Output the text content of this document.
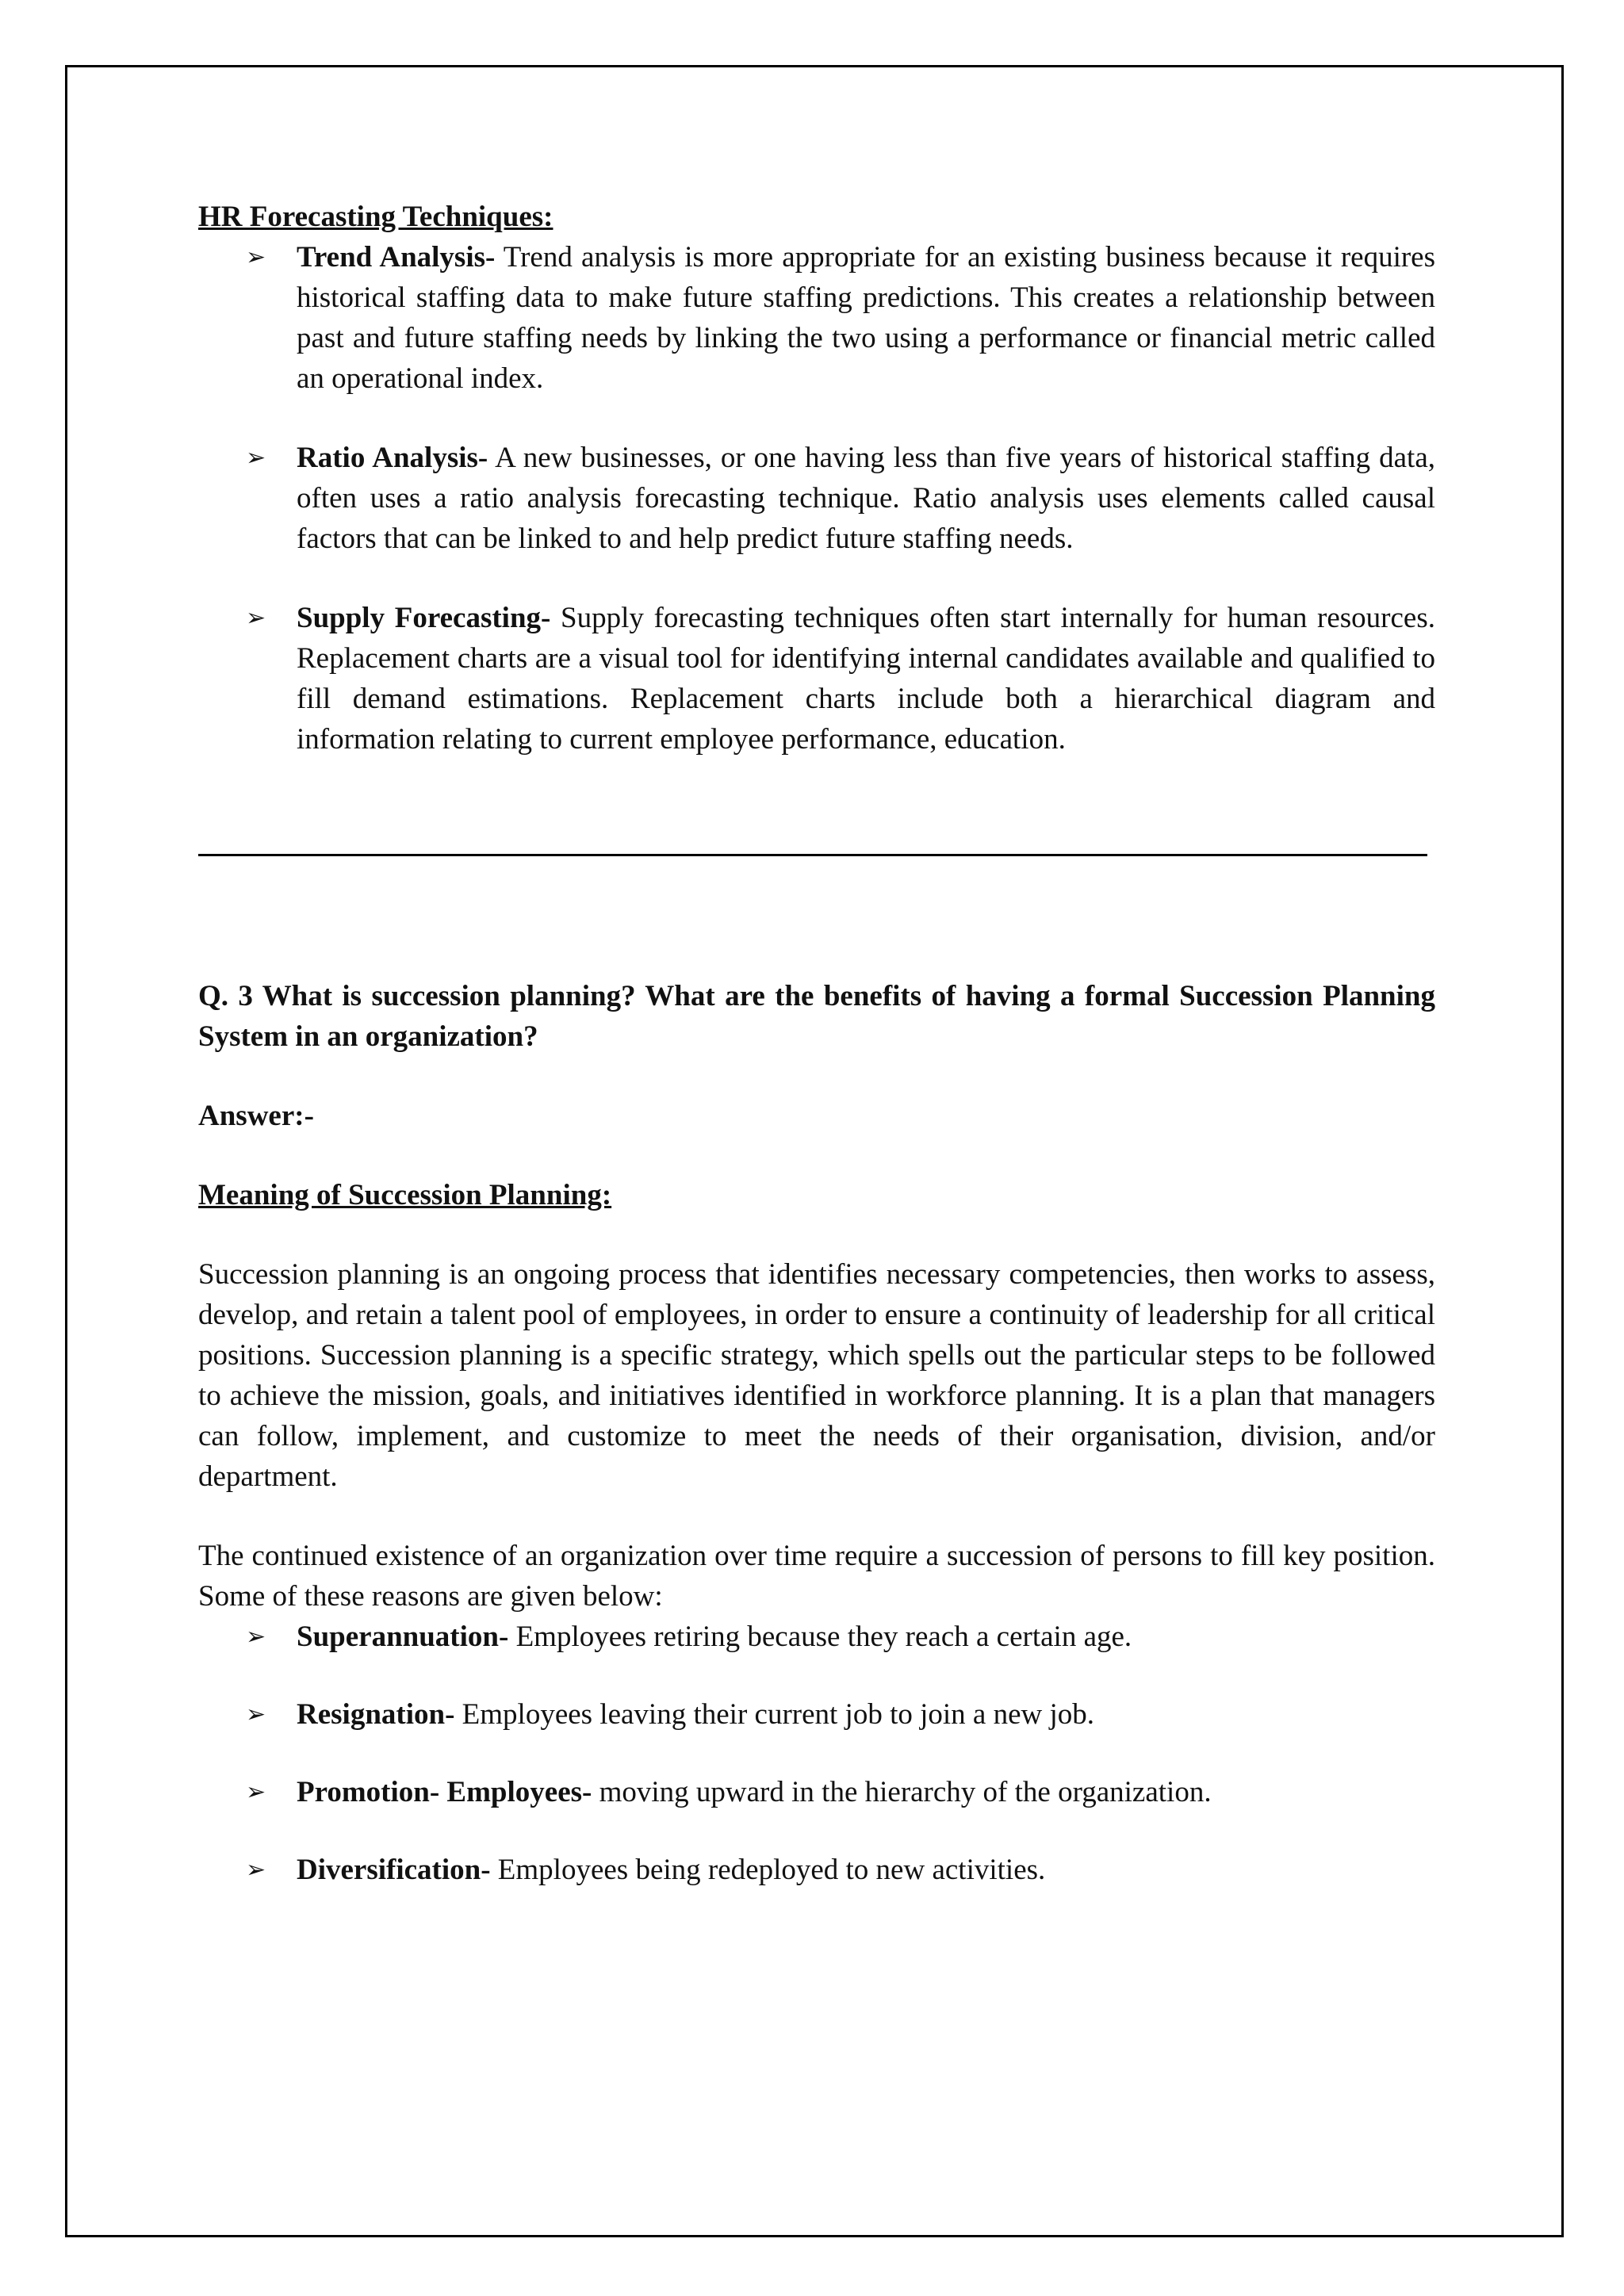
HR Forecasting Techniques:

➢ Trend Analysis- Trend analysis is more appropriate for an existing business because it requires historical staffing data to make future staffing predictions. This creates a relationship between past and future staffing needs by linking the two using a performance or financial metric called an operational index.
➢ Ratio Analysis- A new businesses, or one having less than five years of historical staffing data, often uses a ratio analysis forecasting technique. Ratio analysis uses elements called causal factors that can be linked to and help predict future staffing needs.
➢ Supply Forecasting- Supply forecasting techniques often start internally for human resources. Replacement charts are a visual tool for identifying internal candidates available and qualified to fill demand estimations. Replacement charts include both a hierarchical diagram and information relating to current employee performance, education.

Q. 3 What is succession planning? What are the benefits of having a formal Succession Planning System in an organization?

Answer:-

Meaning of Succession Planning:

Succession planning is an ongoing process that identifies necessary competencies, then works to assess, develop, and retain a talent pool of employees, in order to ensure a continuity of leadership for all critical positions. Succession planning is a specific strategy, which spells out the particular steps to be followed to achieve the mission, goals, and initiatives identified in workforce planning. It is a plan that managers can follow, implement, and customize to meet the needs of their organisation, division, and/or department.

The continued existence of an organization over time require a succession of persons to fill key position. Some of these reasons are given below:

➢ Superannuation- Employees retiring because they reach a certain age.
➢ Resignation- Employees leaving their current job to join a new job.
➢ Promotion- Employees- moving upward in the hierarchy of the organization.
➢ Diversification- Employees being redeployed to new activities.
